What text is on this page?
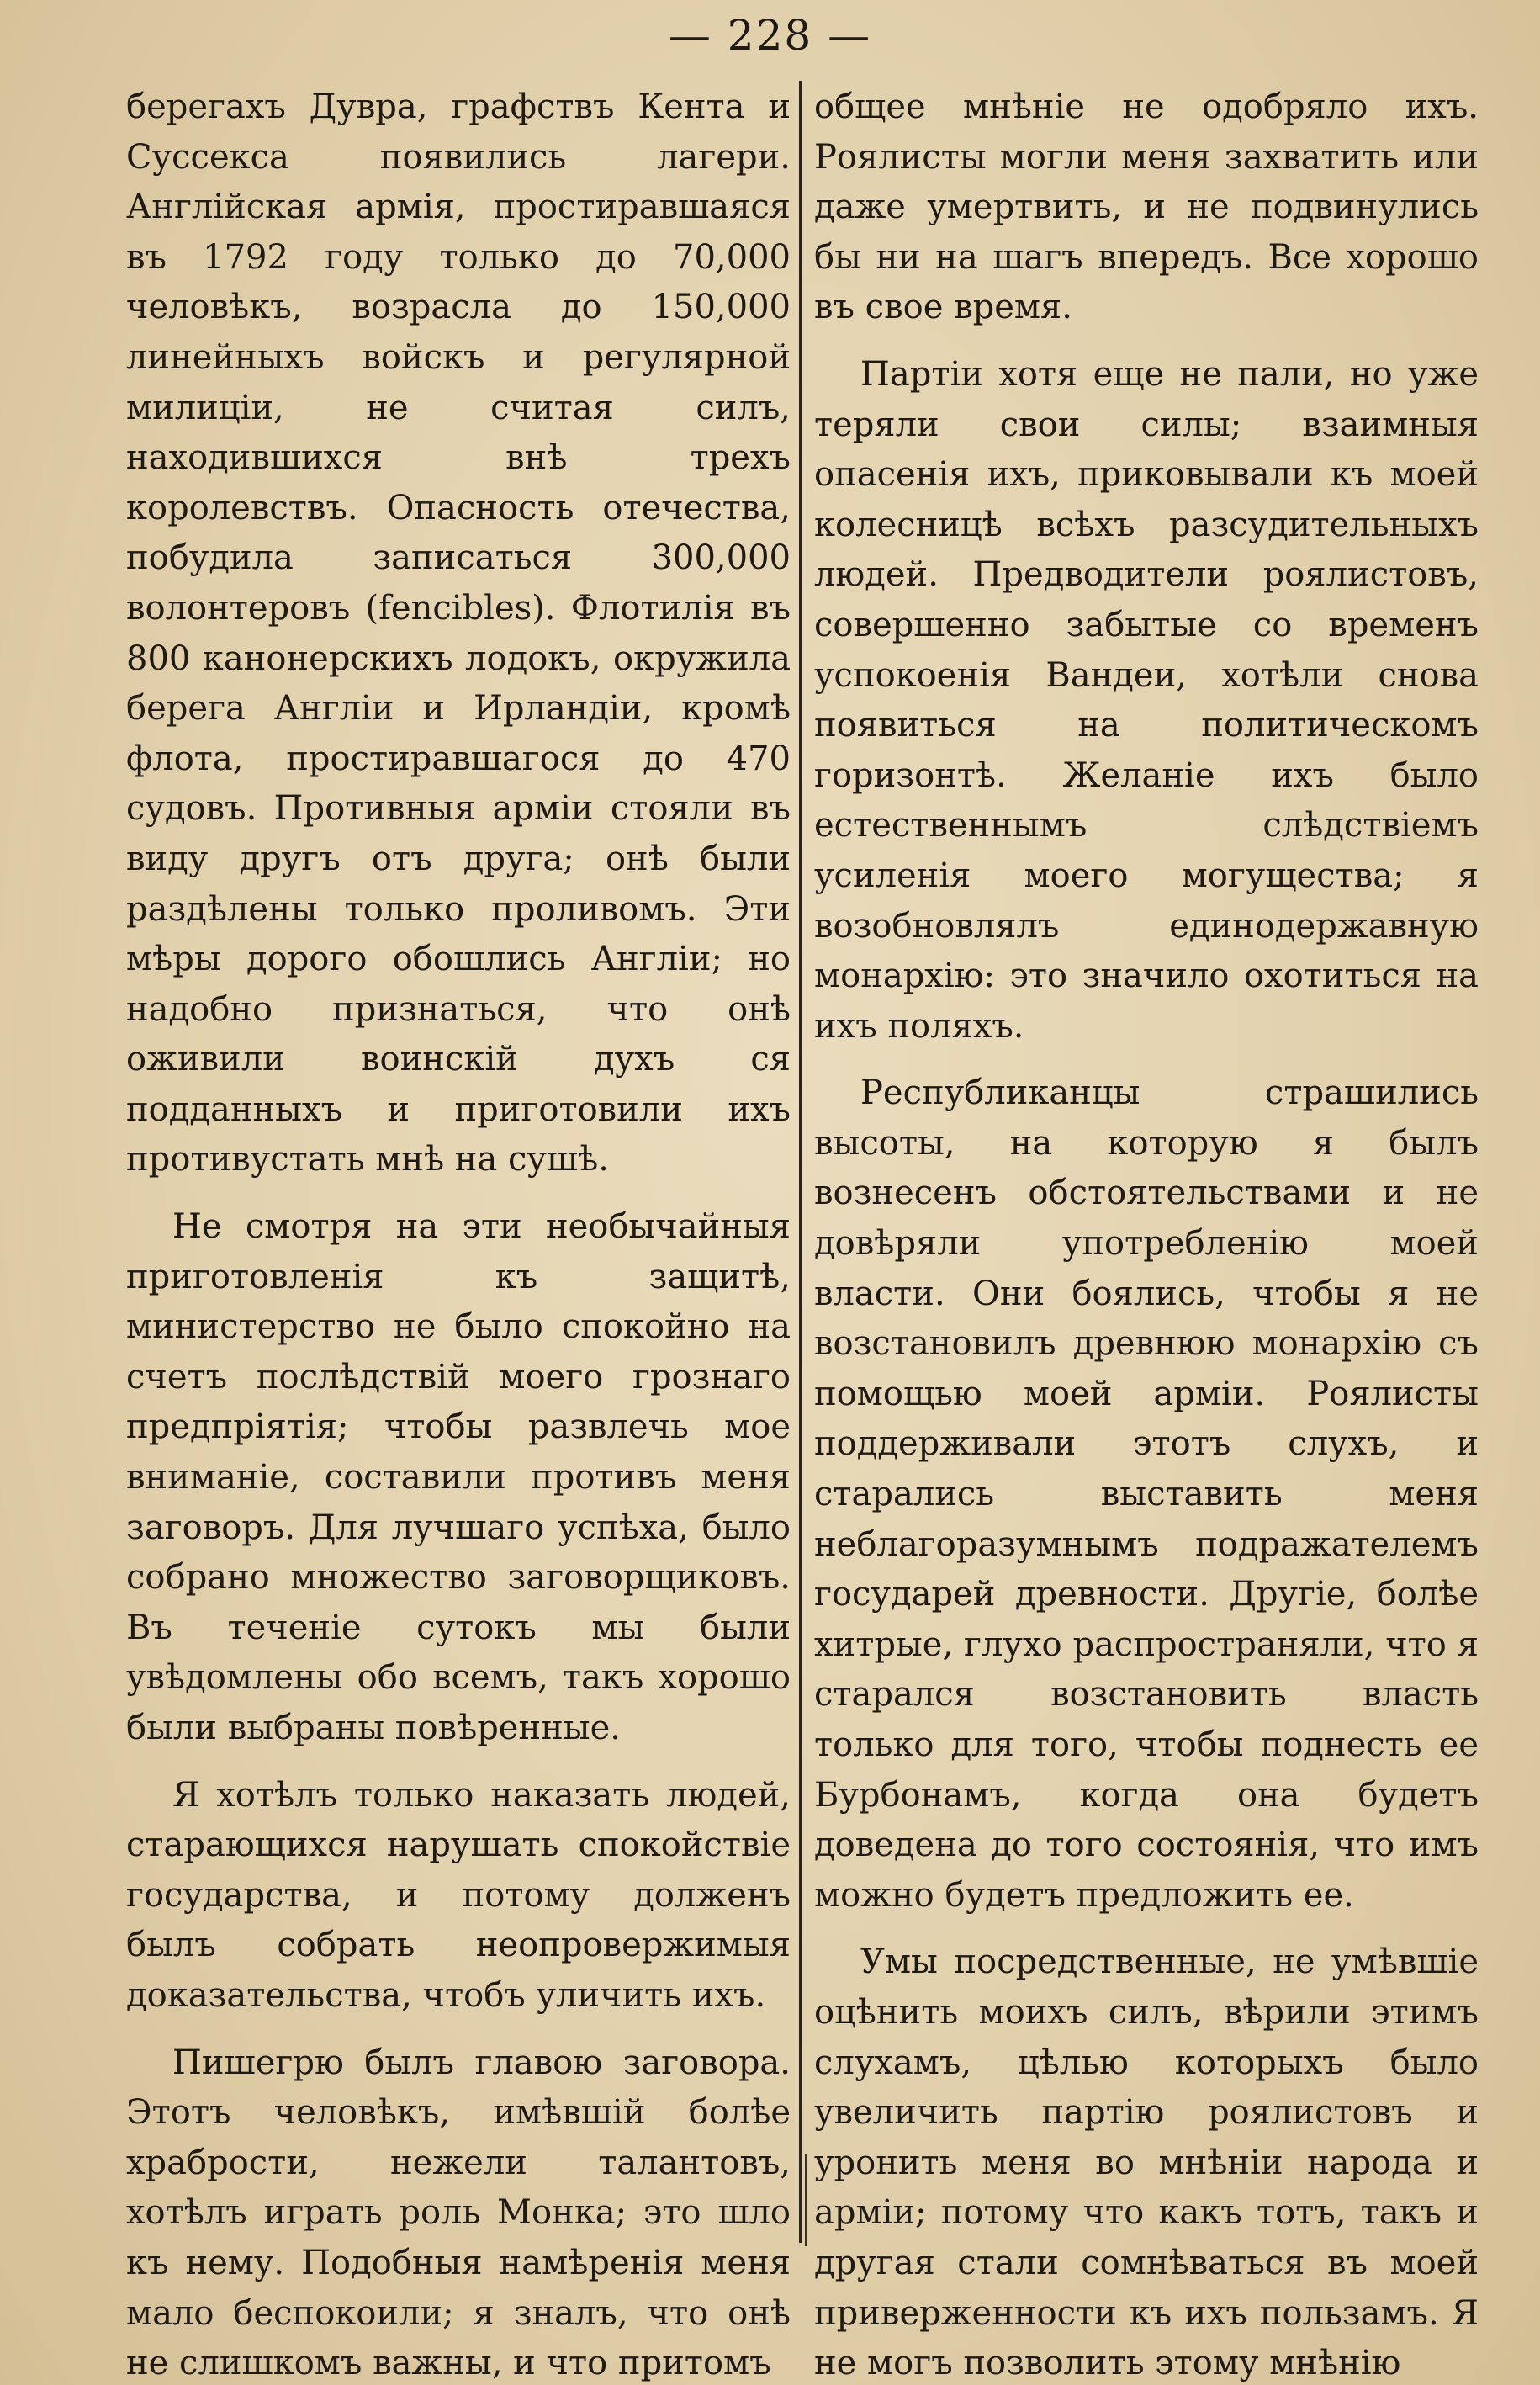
— 228 —

берегахъ Дувра, графствъ Кента и Суссекса появились лагери. Англійская армія, простиравшаяся въ 1792 году только до 70,000 человѣкъ, возрасла до 150,000 линейныхъ войскъ и регулярной милиціи, не считая силъ, находившихся внѣ трехъ королевствъ. Опасность отечества, побудила записаться 300,000 волонтеровъ (fencibles). Флотилія въ 800 канонерскихъ лодокъ, окружила берега Англіи и Ирландіи, кромѣ флота, простиравшагося до 470 судовъ. Противныя арміи стояли въ виду другъ отъ друга; онѣ были раздѣлены только проливомъ. Эти мѣры дорого обошлись Англіи; но надобно признаться, что онѣ оживили воинскій духъ ся подданныхъ и приготовили ихъ противустать мнѣ на сушѣ.

Не смотря на эти необычайныя приготовленія къ защитѣ, министерство не было спокойно на счетъ послѣдствій моего грознаго предпріятія; чтобы развлечь мое вниманіе, составили противъ меня заговоръ. Для лучшаго успѣха, было собрано множество заговорщиковъ. Въ теченіе сутокъ мы были увѣдомлены обо всемъ, такъ хорошо были выбраны повѣренные.

Я хотѣлъ только наказать людей, старающихся нарушать спокойствіе государства, и потому долженъ былъ собрать неопровержимыя доказательства, чтобъ уличить ихъ.

Пишегрю былъ главою заговора. Этотъ человѣкъ, имѣвшій болѣе храбрости, нежели талантовъ, хотѣлъ играть роль Монка; это шло къ нему. Подобныя намѣренія меня мало беспокоили; я зналъ, что онѣ не слишкомъ важны, и что притомъ

общее мнѣніе не одобряло ихъ. Роялисты могли меня захватить или даже умертвить, и не подвинулись бы ни на шагъ впередъ. Все хорошо въ свое время.

Партіи хотя еще не пали, но уже теряли свои силы; взаимныя опасенія ихъ, приковывали къ моей колесницѣ всѣхъ разсудительныхъ людей. Предводители роялистовъ, совершенно забытые со временъ успокоенія Вандеи, хотѣли снова появиться на политическомъ горизонтѣ. Желаніе ихъ было естественнымъ слѣдствіемъ усиленія моего могущества; я возобновлялъ единодержавную монархію: это значило охотиться на ихъ поляхъ.

Республиканцы страшились высоты, на которую я былъ вознесенъ обстоятельствами и не довѣряли употребленію моей власти. Они боялись, чтобы я не возстановилъ древнюю монархію съ помощью моей арміи. Роялисты поддерживали этотъ слухъ, и старались выставить меня неблагоразумнымъ подражателемъ государей древности. Другіе, болѣе хитрые, глухо распространяли, что я старался возстановить власть только для того, чтобы поднесть ее Бурбонамъ, когда она будетъ доведена до того состоянія, что имъ можно будетъ предложить ее.

Умы посредственные, не умѣвшіе оцѣнить моихъ силъ, вѣрили этимъ слухамъ, цѣлью которыхъ было увеличить партію роялистовъ и уронить меня во мнѣніи народа и арміи; потому что какъ тотъ, такъ и другая стали сомнѣваться въ моей приверженности къ ихъ пользамъ. Я не могъ позволить этому мнѣнію
